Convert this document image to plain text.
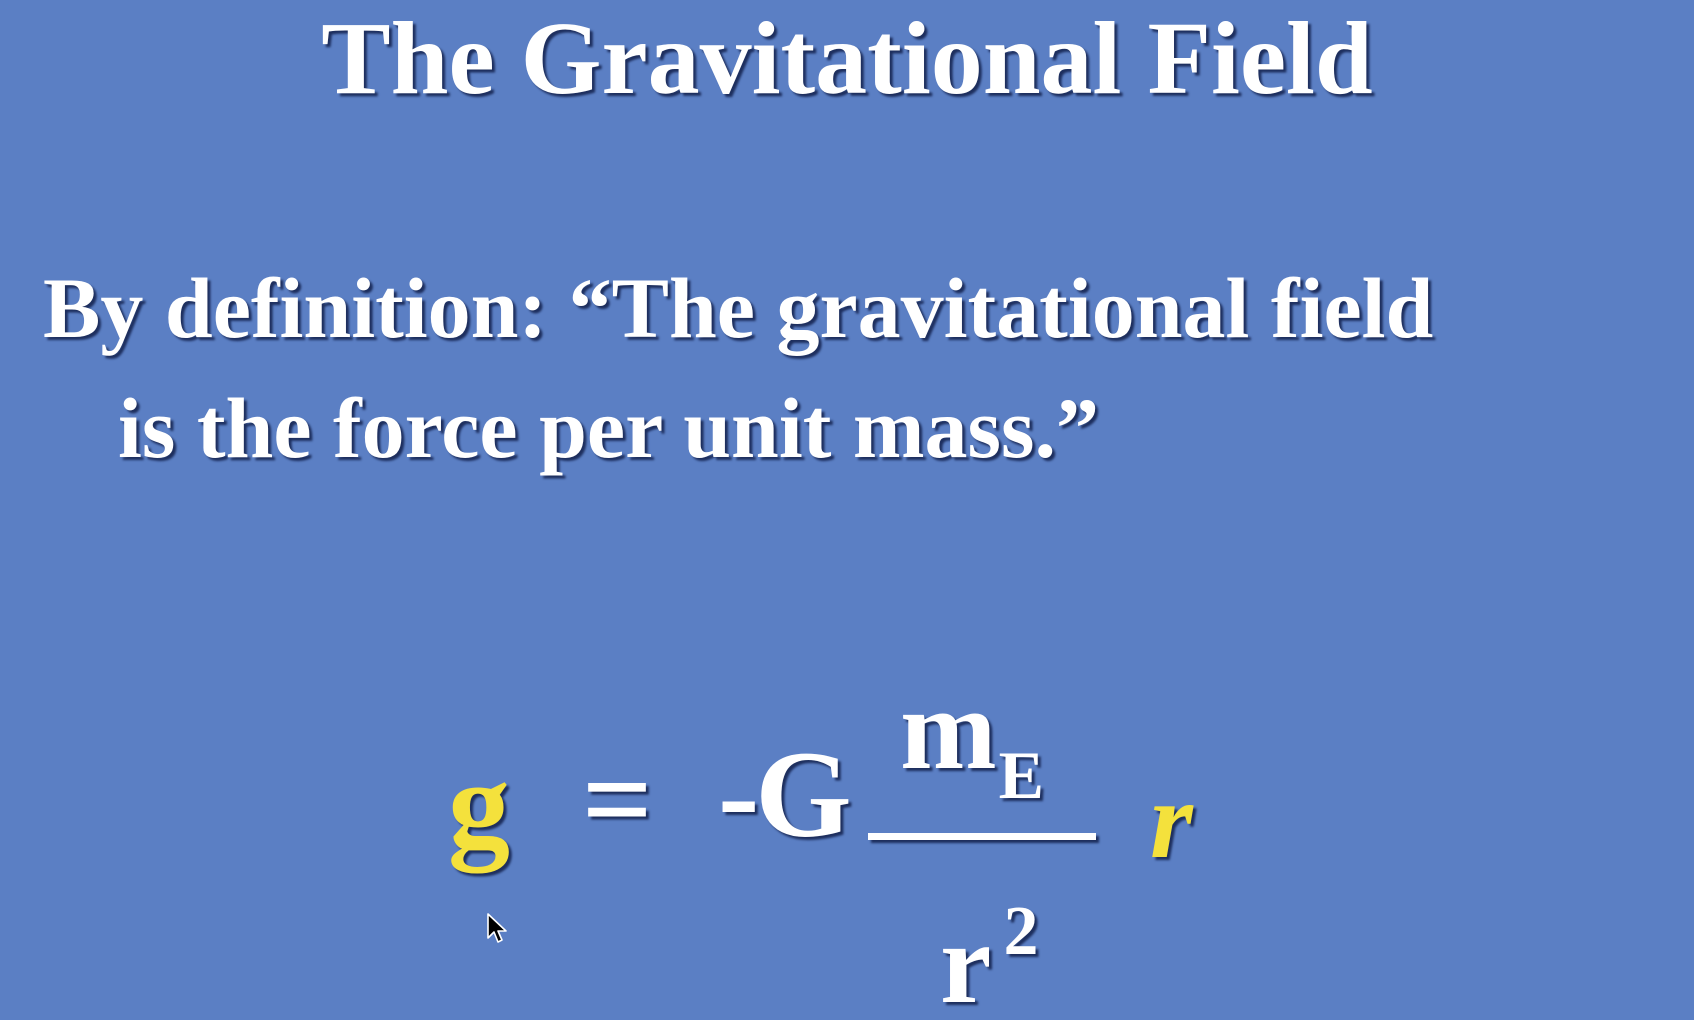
The Gravitational Field
By definition: “The gravitational field
is the force per unit mass.”
g = -G $m_E$
r $^2$
r
